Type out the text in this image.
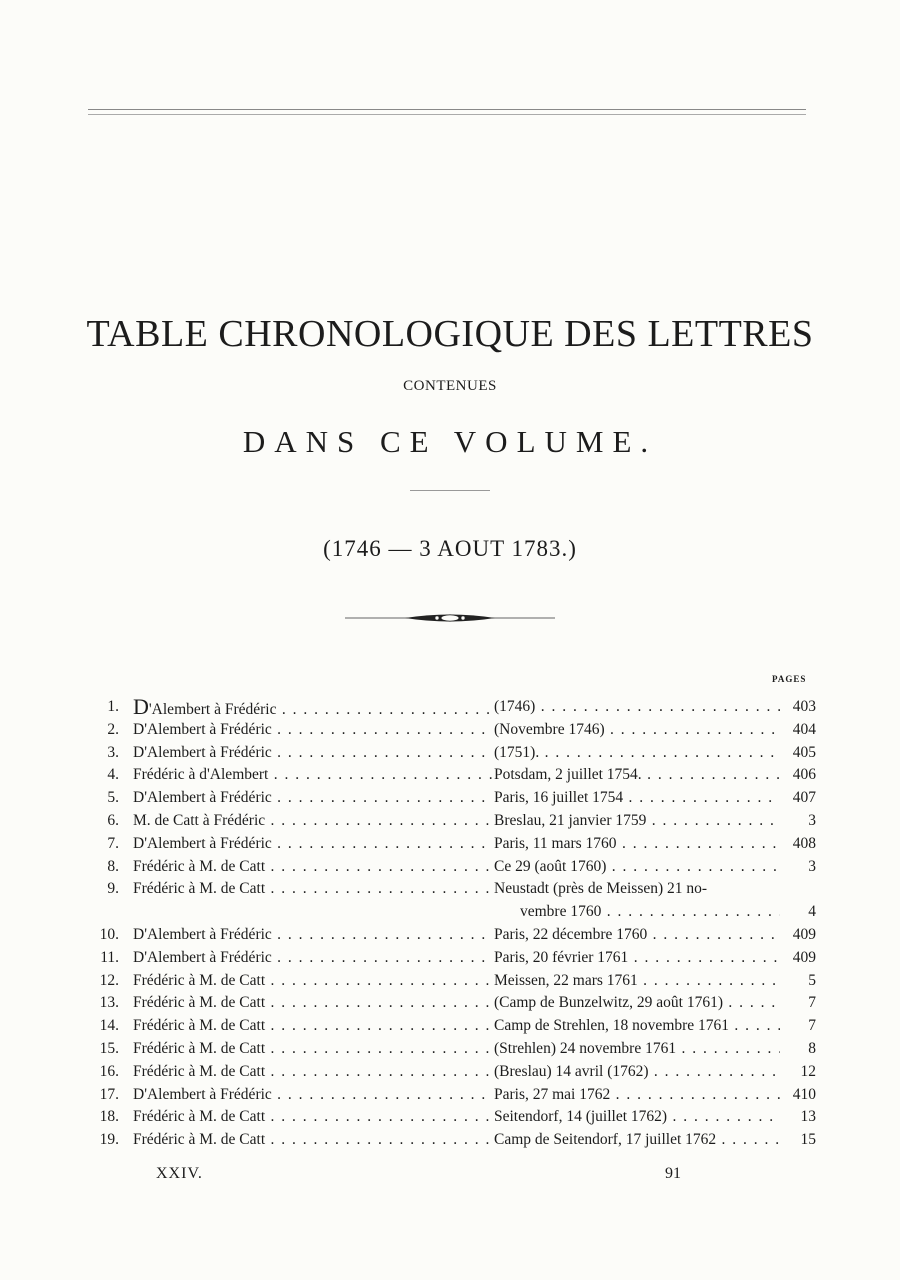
TABLE CHRONOLOGIQUE DES LETTRES
CONTENUES
DANS CE VOLUME.
(1746 — 3 AOUT 1783.)
PAGES
1. D'Alembert à Frédéric . . .	(1746) . . .	403
2. D'Alembert à Frédéric . . .	(Novembre 1746) . . .	404
3. D'Alembert à Frédéric . . .	(1751). . . .	405
4. Frédéric à d'Alembert . . .	Potsdam, 2 juillet 1754. . . .	406
5. D'Alembert à Frédéric . . .	Paris, 16 juillet 1754 . . .	407
6. M. de Catt à Frédéric . . .	Breslau, 21 janvier 1759 . . .	3
7. D'Alembert à Frédéric . . .	Paris, 11 mars 1760 . . .	408
8. Frédéric à M. de Catt . . .	Ce 29 (août 1760) . . .	3
9. Frédéric à M. de Catt . . .	Neustadt (près de Meissen) 21 no-
vembre 1760 . . .	4
10. D'Alembert à Frédéric . . .	Paris, 22 décembre 1760 . . .	409
11. D'Alembert à Frédéric . . .	Paris, 20 février 1761 . . .	409
12. Frédéric à M. de Catt . . .	Meissen, 22 mars 1761 . . .	5
13. Frédéric à M. de Catt . . .	(Camp de Bunzelwitz, 29 août 1761) . . .	7
14. Frédéric à M. de Catt . . .	Camp de Strehlen, 18 novembre 1761 . . .	7
15. Frédéric à M. de Catt . . .	(Strehlen) 24 novembre 1761 . . .	8
16. Frédéric à M. de Catt . . .	(Breslau) 14 avril (1762) . . .	12
17. D'Alembert à Frédéric . . .	Paris, 27 mai 1762 . . .	410
18. Frédéric à M. de Catt . . .	Seitendorf, 14 (juillet 1762) . . .	13
19. Frédéric à M. de Catt . . .	Camp de Seitendorf, 17 juillet 1762 . . .	15
XXIV.	91
